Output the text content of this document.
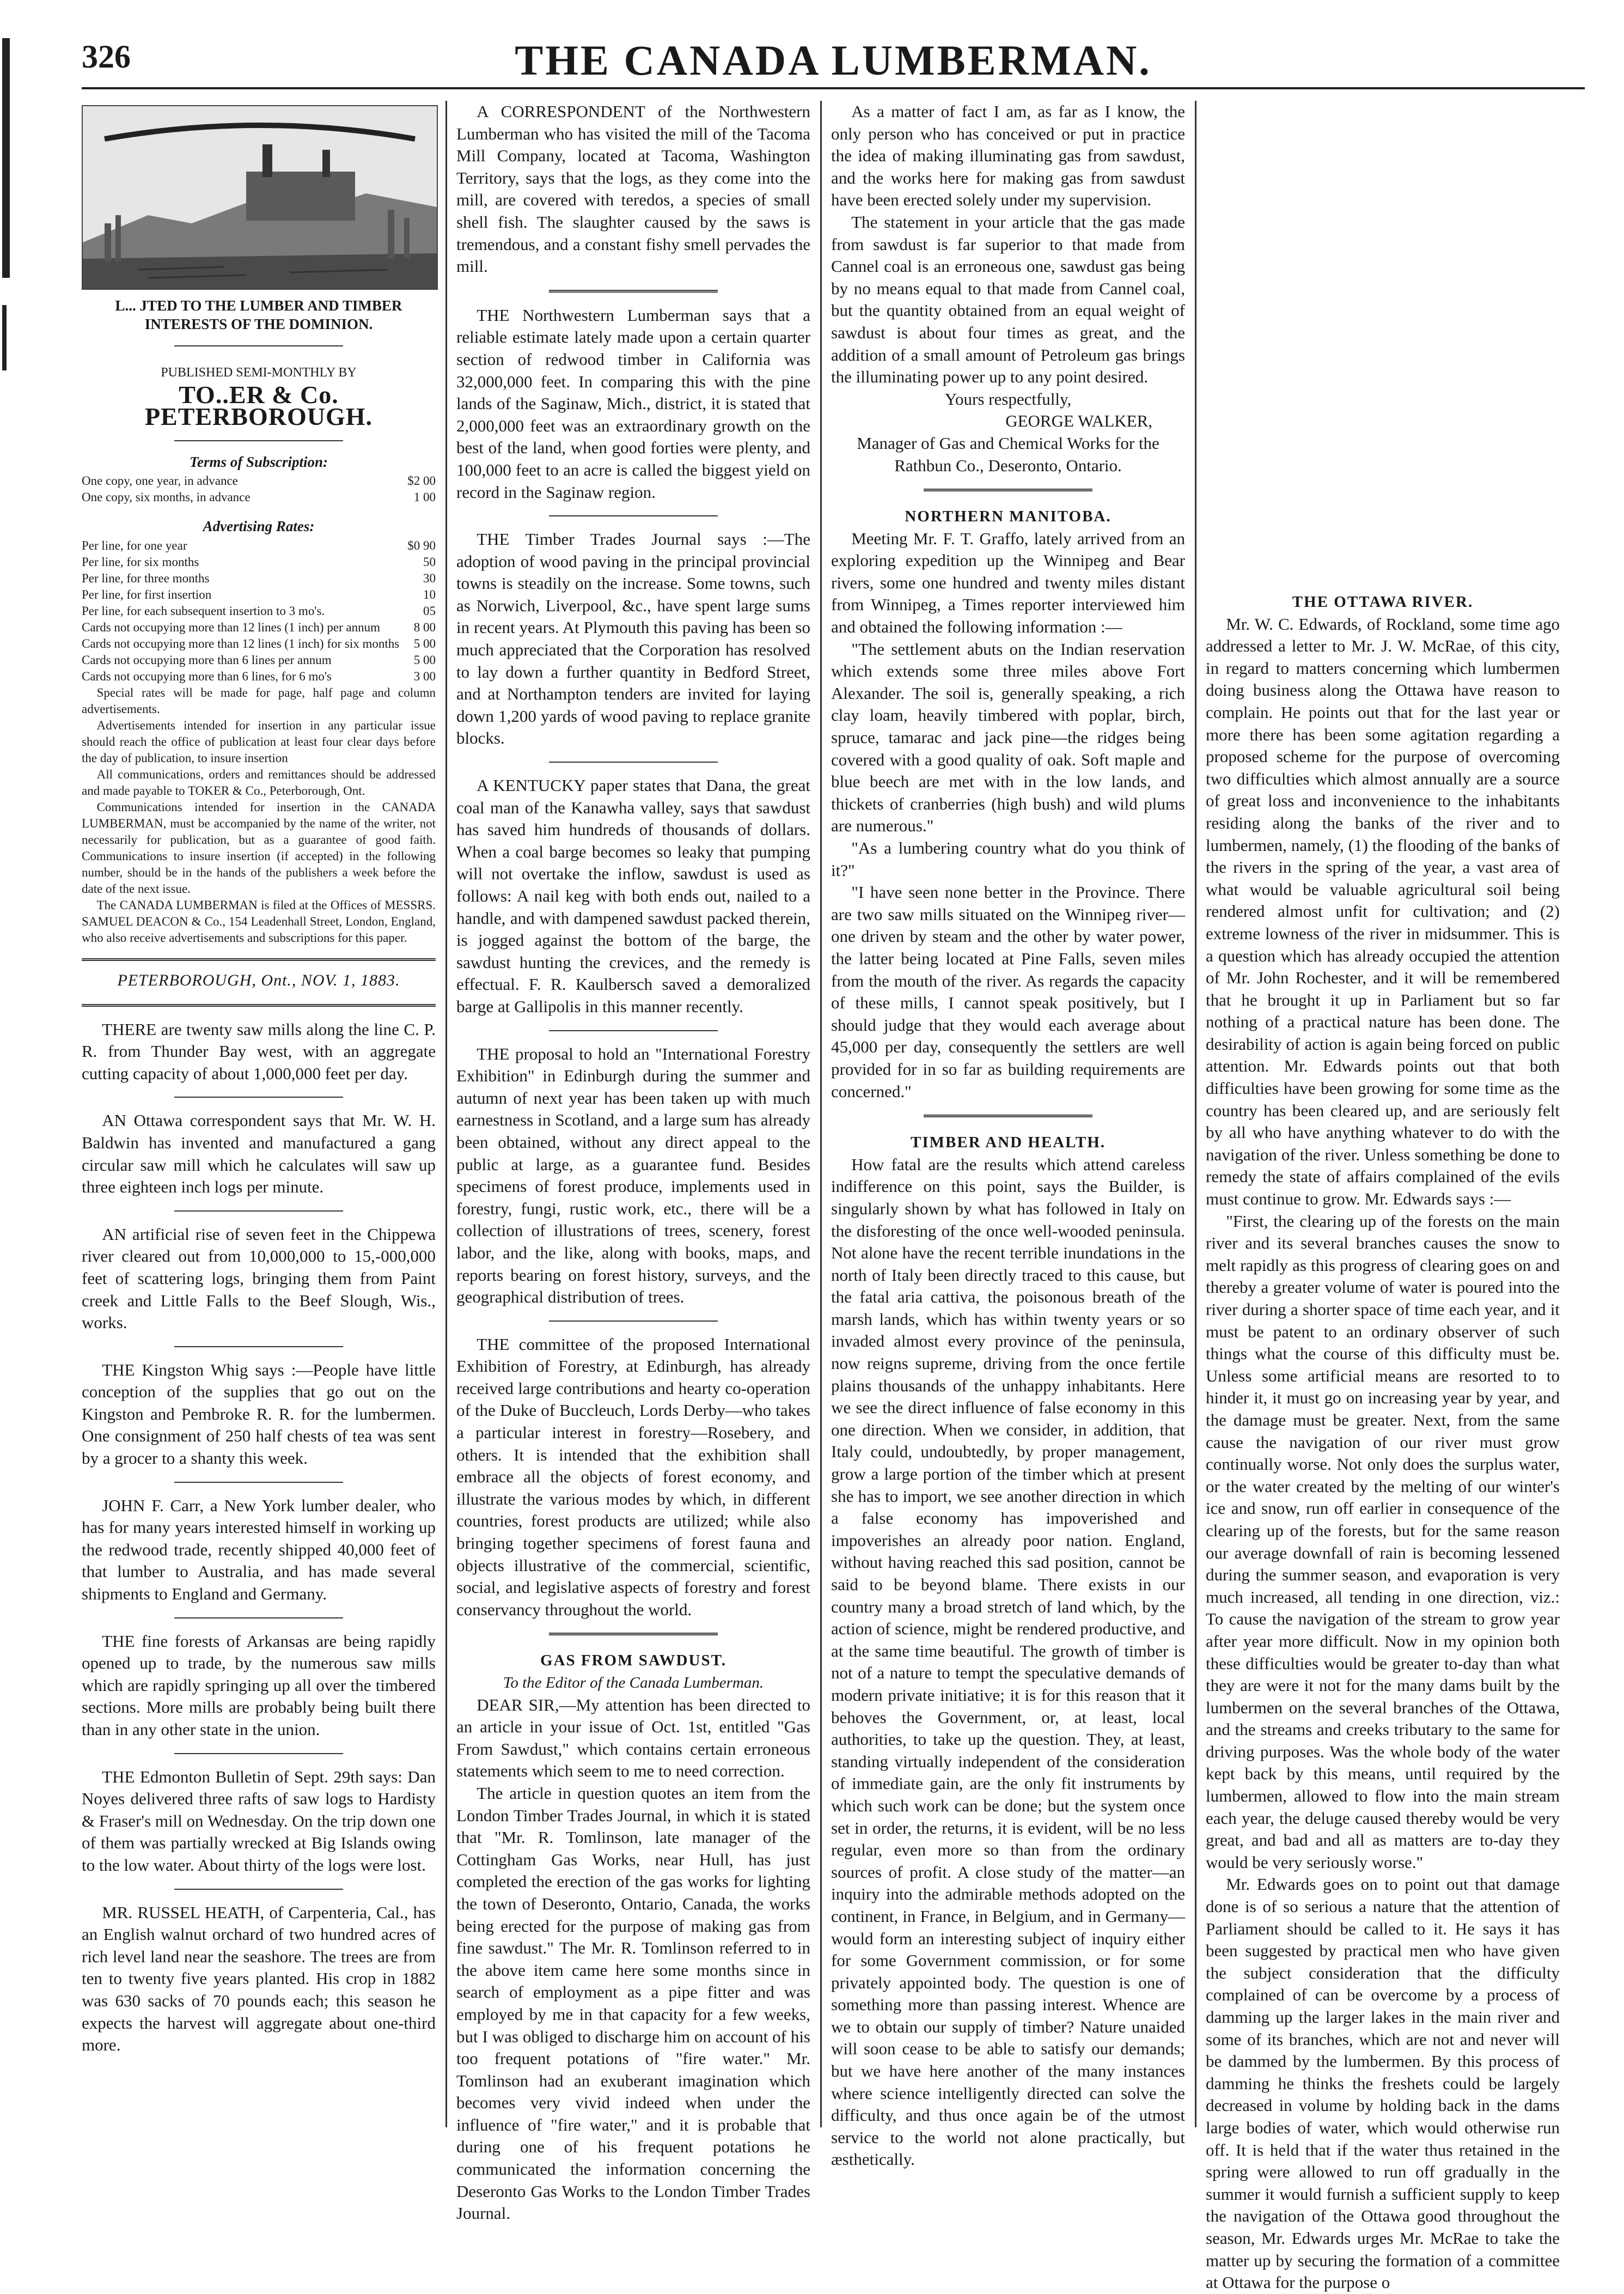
326	THE CANADA LUMBERMAN.
L... JTED TO THE LUMBER AND TIMBER INTERESTS OF THE DOMINION.
PUBLISHED SEMI-MONTHLY BY
TO..ER & Co. PETERBOROUGH.
Terms of Subscription:
One copy, one year, in advance	$2 00
One copy, six months, in advance	1 00
Advertising Rates:
Per line, for one year	$0 90
Per line, for six months	50
Per line, for three months	30
Per line, for first insertion	10
Per line, for each subsequent insertion to 3 mo's.	05
Cards not occupying more than 12 lines (1 inch) per annum	8 00
Cards not occupying more than 12 lines (1 inch) for six months 5 00
Cards not occupying more than 6 lines per annum	5 00
Cards not occupying more than 6 lines, for 6 mo's	3 00

Special rates will be made for page, half page and column advertisements.

Advertisements intended for insertion in any particular issue should reach the office of publication at least four clear days before the day of publication, to insure insertion

All communications, orders and remittances should be addressed and made payable to TOKER & Co., Peterborough, Ont.

Communications intended for insertion in the CANADA LUMBERMAN, must be accompanied by the name of the writer, not necessarily for publication, but as a guarantee of good faith. Communications to insure insertion (if accepted) in the following number, should be in the hands of the publishers a week before the date of the next issue.

The CANADA LUMBERMAN is filed at the Offices of MESSRS. SAMUEL DEACON & Co., 154 Leadenhall Street, London, England, who also receive advertisements and subscriptions for this paper.

PETERBOROUGH, Ont., NOV. 1, 1883.

THERE are twenty saw mills along the line C. P. R. from Thunder Bay west, with an aggregate cutting capacity of about 1,000,000 feet per day.

AN Ottawa correspondent says that Mr. W. H. Baldwin has invented and manufactured a gang circular saw mill which he calculates will saw up three eighteen inch logs per minute.

AN artificial rise of seven feet in the Chippewa river cleared out from 10,000,000 to 15,-000,000 feet of scattering logs, bringing them from Paint creek and Little Falls to the Beef Slough, Wis., works.

THE Kingston Whig says :—People have little conception of the supplies that go out on the Kingston and Pembroke R. R. for the lumbermen. One consignment of 250 half chests of tea was sent by a grocer to a shanty this week.

JOHN F. Carr, a New York lumber dealer, who has for many years interested himself in working up the redwood trade, recently shipped 40,000 feet of that lumber to Australia, and has made several shipments to England and Germany.

THE fine forests of Arkansas are being rapidly opened up to trade, by the numerous saw mills which are rapidly springing up all over the timbered sections. More mills are probably being built there than in any other state in the union.

THE Edmonton Bulletin of Sept. 29th says: Dan Noyes delivered three rafts of saw logs to Hardisty & Fraser's mill on Wednesday. On the trip down one of them was partially wrecked at Big Islands owing to the low water. About thirty of the logs were lost.

MR. RUSSEL HEATH, of Carpenteria, Cal., has an English walnut orchard of two hundred acres of rich level land near the seashore. The trees are from ten to twenty five years planted. His crop in 1882 was 630 sacks of 70 pounds each; this season he expects the harvest will aggregate about one-third more.

A CORRESPONDENT of the Northwestern Lumberman who has visited the mill of the Tacoma Mill Company, located at Tacoma, Washington Territory, says that the logs, as they come into the mill, are covered with teredos, a species of small shell fish. The slaughter caused by the saws is tremendous, and a constant fishy smell pervades the mill.

THE Northwestern Lumberman says that a reliable estimate lately made upon a certain quarter section of redwood timber in California was 32,000,000 feet. In comparing this with the pine lands of the Saginaw, Mich., district, it is stated that 2,000,000 feet was an extraordinary growth on the best of the land, when good forties were plenty, and 100,000 feet to an acre is called the biggest yield on record in the Saginaw region.

THE Timber Trades Journal says :—The adoption of wood paving in the principal provincial towns is steadily on the increase. Some towns, such as Norwich, Liverpool, &c., have spent large sums in recent years. At Plymouth this paving has been so much appreciated that the Corporation has resolved to lay down a further quantity in Bedford Street, and at Northampton tenders are invited for laying down 1,200 yards of wood paving to replace granite blocks.

A KENTUCKY paper states that Dana, the great coal man of the Kanawha valley, says that sawdust has saved him hundreds of thousands of dollars. When a coal barge becomes so leaky that pumping will not overtake the inflow, sawdust is used as follows: A nail keg with both ends out, nailed to a handle, and with dampened sawdust packed therein, is jogged against the bottom of the barge, the sawdust hunting the crevices, and the remedy is effectual. F. R. Kaulbersch saved a demoralized barge at Gallipolis in this manner recently.

THE proposal to hold an "International Forestry Exhibition" in Edinburgh during the summer and autumn of next year has been taken up with much earnestness in Scotland, and a large sum has already been obtained, without any direct appeal to the public at large, as a guarantee fund. Besides specimens of forest produce, implements used in forestry, fungi, rustic work, etc., there will be a collection of illustrations of trees, scenery, forest labor, and the like, along with books, maps, and reports bearing on forest history, surveys, and the geographical distribution of trees.

THE committee of the proposed International Exhibition of Forestry, at Edinburgh, has already received large contributions and hearty co-operation of the Duke of Buccleuch, Lords Derby—who takes a particular interest in forestry—Rosebery, and others. It is intended that the exhibition shall embrace all the objects of forest economy, and illustrate the various modes by which, in different countries, forest products are utilized; while also bringing together specimens of forest fauna and objects illustrative of the commercial, scientific, social, and legislative aspects of forestry and forest conservancy throughout the world.

GAS FROM SAWDUST.
To the Editor of the Canada Lumberman.

DEAR SIR,—My attention has been directed to an article in your issue of Oct. 1st, entitled "Gas From Sawdust," which contains certain erroneous statements which seem to me to need correction.

The article in question quotes an item from the London Timber Trades Journal, in which it is stated that "Mr. R. Tomlinson, late manager of the Cottingham Gas Works, near Hull, has just completed the erection of the gas works for lighting the town of Deseronto, Ontario, Canada, the works being erected for the purpose of making gas from fine sawdust." The Mr. R. Tomlinson referred to in the above item came here some months since in search of employment as a pipe fitter and was employed by me in that capacity for a few weeks, but I was obliged to discharge him on account of his too frequent potations of "fire water." Mr. Tomlinson had an exuberant imagination which becomes very vivid indeed when under the influence of "fire water," and it is probable that during one of his frequent potations he communicated the information concerning the Deseronto Gas Works to the London Timber Trades Journal.

As a matter of fact I am, as far as I know, the only person who has conceived or put in practice the idea of making illuminating gas from sawdust, and the works here for making gas from sawdust have been erected solely under my supervision.

The statement in your article that the gas made from sawdust is far superior to that made from Cannel coal is an erroneous one, sawdust gas being by no means equal to that made from Cannel coal, but the quantity obtained from an equal weight of sawdust is about four times as great, and the addition of a small amount of Petroleum gas brings the illuminating power up to any point desired.

Yours respectfully,
GEORGE WALKER,
Manager of Gas and Chemical Works for the Rathbun Co., Deseronto, Ontario.
NORTHERN MANITOBA.

Meeting Mr. F. T. Graffo, lately arrived from an exploring expedition up the Winnipeg and Bear rivers, some one hundred and twenty miles distant from Winnipeg, a Times reporter interviewed him and obtained the following information :—

"The settlement abuts on the Indian reservation which extends some three miles above Fort Alexander. The soil is, generally speaking, a rich clay loam, heavily timbered with poplar, birch, spruce, tamarac and jack pine—the ridges being covered with a good quality of oak. Soft maple and blue beech are met with in the low lands, and thickets of cranberries (high bush) and wild plums are numerous."

"As a lumbering country what do you think of it?"

"I have seen none better in the Province. There are two saw mills situated on the Winnipeg river—one driven by steam and the other by water power, the latter being located at Pine Falls, seven miles from the mouth of the river. As regards the capacity of these mills, I cannot speak positively, but I should judge that they would each average about 45,000 per day, consequently the settlers are well provided for in so far as building requirements are concerned."

TIMBER AND HEALTH.

How fatal are the results which attend careless indifference on this point, says the Builder, is singularly shown by what has followed in Italy on the disforesting of the once well-wooded peninsula. Not alone have the recent terrible inundations in the north of Italy been directly traced to this cause, but the fatal aria cattiva, the poisonous breath of the marsh lands, which has within twenty years or so invaded almost every province of the peninsula, now reigns supreme, driving from the once fertile plains thousands of the unhappy inhabitants. Here we see the direct influence of false economy in this one direction. When we consider, in addition, that Italy could, undoubtedly, by proper management, grow a large portion of the timber which at present she has to import, we see another direction in which a false economy has impoverished and impoverishes an already poor nation. England, without having reached this sad position, cannot be said to be beyond blame. There exists in our country many a broad stretch of land which, by the action of science, might be rendered productive, and at the same time beautiful. The growth of timber is not of a nature to tempt the speculative demands of modern private initiative; it is for this reason that it behoves the Government, or, at least, local authorities, to take up the question. They, at least, standing virtually independent of the consideration of immediate gain, are the only fit instruments by which such work can be done; but the system once set in order, the returns, it is evident, will be no less regular, even more so than from the ordinary sources of profit. A close study of the matter—an inquiry into the admirable methods adopted on the continent, in France, in Belgium, and in Germany—would form an interesting subject of inquiry either for some Government commission, or for some privately appointed body. The question is one of something more than passing interest. Whence are we to obtain our supply of timber? Nature unaided will soon cease to be able to satisfy our demands; but we have here another of the many instances where science intelligently directed can solve the difficulty, and thus once again be of the utmost service to the world not alone practically, but æsthetically.

THE OTTAWA RIVER.

Mr. W. C. Edwards, of Rockland, some time ago addressed a letter to Mr. J. W. McRae, of this city, in regard to matters concerning which lumbermen doing business along the Ottawa have reason to complain. He points out that for the last year or more there has been some agitation regarding a proposed scheme for the purpose of overcoming two difficulties which almost annually are a source of great loss and inconvenience to the inhabitants residing along the banks of the river and to lumbermen, namely, (1) the flooding of the banks of the rivers in the spring of the year, a vast area of what would be valuable agricultural soil being rendered almost unfit for cultivation; and (2) extreme lowness of the river in midsummer. This is a question which has already occupied the attention of Mr. John Rochester, and it will be remembered that he brought it up in Parliament but so far nothing of a practical nature has been done. The desirability of action is again being forced on public attention. Mr. Edwards points out that both difficulties have been growing for some time as the country has been cleared up, and are seriously felt by all who have anything whatever to do with the navigation of the river. Unless something be done to remedy the state of affairs complained of the evils must continue to grow. Mr. Edwards says :—

"First, the clearing up of the forests on the main river and its several branches causes the snow to melt rapidly as this progress of clearing goes on and thereby a greater volume of water is poured into the river during a shorter space of time each year, and it must be patent to an ordinary observer of such things what the course of this difficulty must be. Unless some artificial means are resorted to to hinder it, it must go on increasing year by year, and the damage must be greater. Next, from the same cause the navigation of our river must grow continually worse. Not only does the surplus water, or the water created by the melting of our winter's ice and snow, run off earlier in consequence of the clearing up of the forests, but for the same reason our average downfall of rain is becoming lessened during the summer season, and evaporation is very much increased, all tending in one direction, viz.: To cause the navigation of the stream to grow year after year more difficult. Now in my opinion both these difficulties would be greater to-day than what they are were it not for the many dams built by the lumbermen on the several branches of the Ottawa, and the streams and creeks tributary to the same for driving purposes. Was the whole body of the water kept back by this means, until required by the lumbermen, allowed to flow into the main stream each year, the deluge caused thereby would be very great, and bad and all as matters are to-day they would be very seriously worse."

Mr. Edwards goes on to point out that damage done is of so serious a nature that the attention of Parliament should be called to it. He says it has been suggested by practical men who have given the subject consideration that the difficulty complained of can be overcome by a process of damming up the larger lakes in the main river and some of its branches, which are not and never will be dammed by the lumbermen. By this process of damming he thinks the freshets could be largely decreased in volume by holding back in the dams large bodies of water, which would otherwise run off. It is held that if the water thus retained in the spring were allowed to run off gradually in the summer it would furnish a sufficient supply to keep the navigation of the Ottawa good throughout the season, Mr. Edwards urges Mr. McRae to take the matter up by securing the formation of a committee at Ottawa for the purpose o
